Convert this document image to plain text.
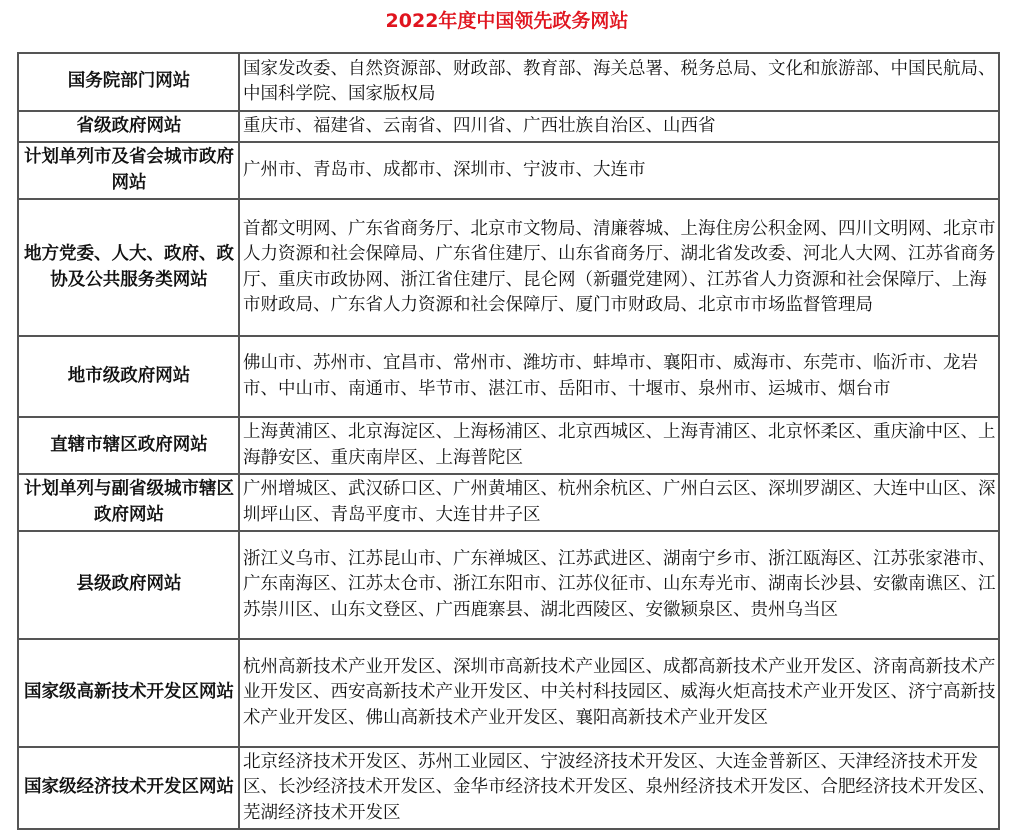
2022年度中国领先政务网站
国务院部门网站	国家发改委、自然资源部、财政部、教育部、海关总署、税务总局、文化和旅游部、中国民航局、中国科学院、国家版权局
省级政府网站	重庆市、福建省、云南省、四川省、广西壮族自治区、山西省
计划单列市及省会城市政府网站	广州市、青岛市、成都市、深圳市、宁波市、大连市
地方党委、人大、政府、政协及公共服务类网站	首都文明网、广东省商务厅、北京市文物局、清廉蓉城、上海住房公积金网、四川文明网、北京市人力资源和社会保障局、广东省住建厅、山东省商务厅、湖北省发改委、河北人大网、江苏省商务厅、重庆市政协网、浙江省住建厅、昆仑网（新疆党建网）、江苏省人力资源和社会保障厅、上海市财政局、广东省人力资源和社会保障厅、厦门市财政局、北京市市场监督管理局
地市级政府网站	佛山市、苏州市、宜昌市、常州市、潍坊市、蚌埠市、襄阳市、威海市、东莞市、临沂市、龙岩市、中山市、南通市、毕节市、湛江市、岳阳市、十堰市、泉州市、运城市、烟台市
直辖市辖区政府网站	上海黄浦区、北京海淀区、上海杨浦区、北京西城区、上海青浦区、北京怀柔区、重庆渝中区、上海静安区、重庆南岸区、上海普陀区
计划单列与副省级城市辖区政府网站	广州增城区、武汉硚口区、广州黄埔区、杭州余杭区、广州白云区、深圳罗湖区、大连中山区、深圳坪山区、青岛平度市、大连甘井子区
县级政府网站	浙江义乌市、江苏昆山市、广东禅城区、江苏武进区、湖南宁乡市、浙江瓯海区、江苏张家港市、广东南海区、江苏太仓市、浙江东阳市、江苏仪征市、山东寿光市、湖南长沙县、安徽南谯区、江苏崇川区、山东文登区、广西鹿寨县、湖北西陵区、安徽颍泉区、贵州乌当区
国家级高新技术开发区网站	杭州高新技术产业开发区、深圳市高新技术产业园区、成都高新技术产业开发区、济南高新技术产业开发区、西安高新技术产业开发区、中关村科技园区、威海火炬高技术产业开发区、济宁高新技术产业开发区、佛山高新技术产业开发区、襄阳高新技术产业开发区
国家级经济技术开发区网站	北京经济技术开发区、苏州工业园区、宁波经济技术开发区、大连金普新区、天津经济技术开发区、长沙经济技术开发区、金华市经济技术开发区、泉州经济技术开发区、合肥经济技术开发区、芜湖经济技术开发区
